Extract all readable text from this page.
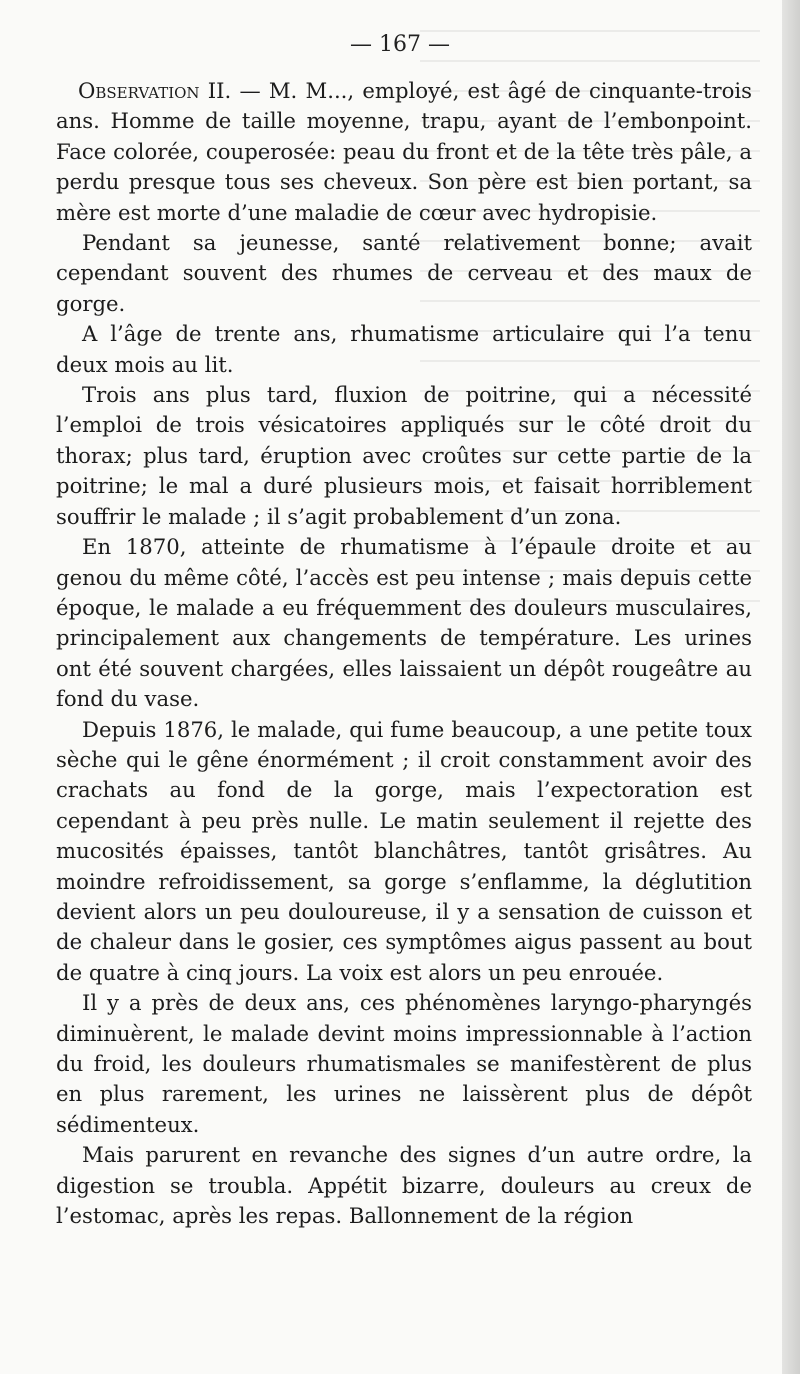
— 167 —

Observation II. — M. M..., employé, est âgé de cinquante-trois ans. Homme de taille moyenne, trapu, ayant de l’embonpoint. Face colorée, couperosée: peau du front et de la tête très pâle, a perdu presque tous ses cheveux. Son père est bien portant, sa mère est morte d’une maladie de cœur avec hydropisie.

Pendant sa jeunesse, santé relativement bonne; avait cependant souvent des rhumes de cerveau et des maux de gorge.

A l’âge de trente ans, rhumatisme articulaire qui l’a tenu deux mois au lit.

Trois ans plus tard, fluxion de poitrine, qui a nécessité l’emploi de trois vésicatoires appliqués sur le côté droit du thorax; plus tard, éruption avec croûtes sur cette partie de la poitrine; le mal a duré plusieurs mois, et faisait horriblement souffrir le malade ; il s’agit probablement d’un zona.

En 1870, atteinte de rhumatisme à l’épaule droite et au genou du même côté, l’accès est peu intense ; mais depuis cette époque, le malade a eu fréquemment des douleurs musculaires, principalement aux changements de température. Les urines ont été souvent chargées, elles laissaient un dépôt rougeâtre au fond du vase.

Depuis 1876, le malade, qui fume beaucoup, a une petite toux sèche qui le gêne énormément ; il croit constamment avoir des crachats au fond de la gorge, mais l’expectoration est cependant à peu près nulle. Le matin seulement il rejette des mucosités épaisses, tantôt blanchâtres, tantôt grisâtres. Au moindre refroidissement, sa gorge s’enflamme, la déglutition devient alors un peu douloureuse, il y a sensation de cuisson et de chaleur dans le gosier, ces symptômes aigus passent au bout de quatre à cinq jours. La voix est alors un peu enrouée.

Il y a près de deux ans, ces phénomènes laryngo-pharyngés diminuèrent, le malade devint moins impressionnable à l’action du froid, les douleurs rhumatismales se manifestèrent de plus en plus rarement, les urines ne laissèrent plus de dépôt sédimenteux.

Mais parurent en revanche des signes d’un autre ordre, la digestion se troubla. Appétit bizarre, douleurs au creux de l’estomac, après les repas. Ballonnement de la région
